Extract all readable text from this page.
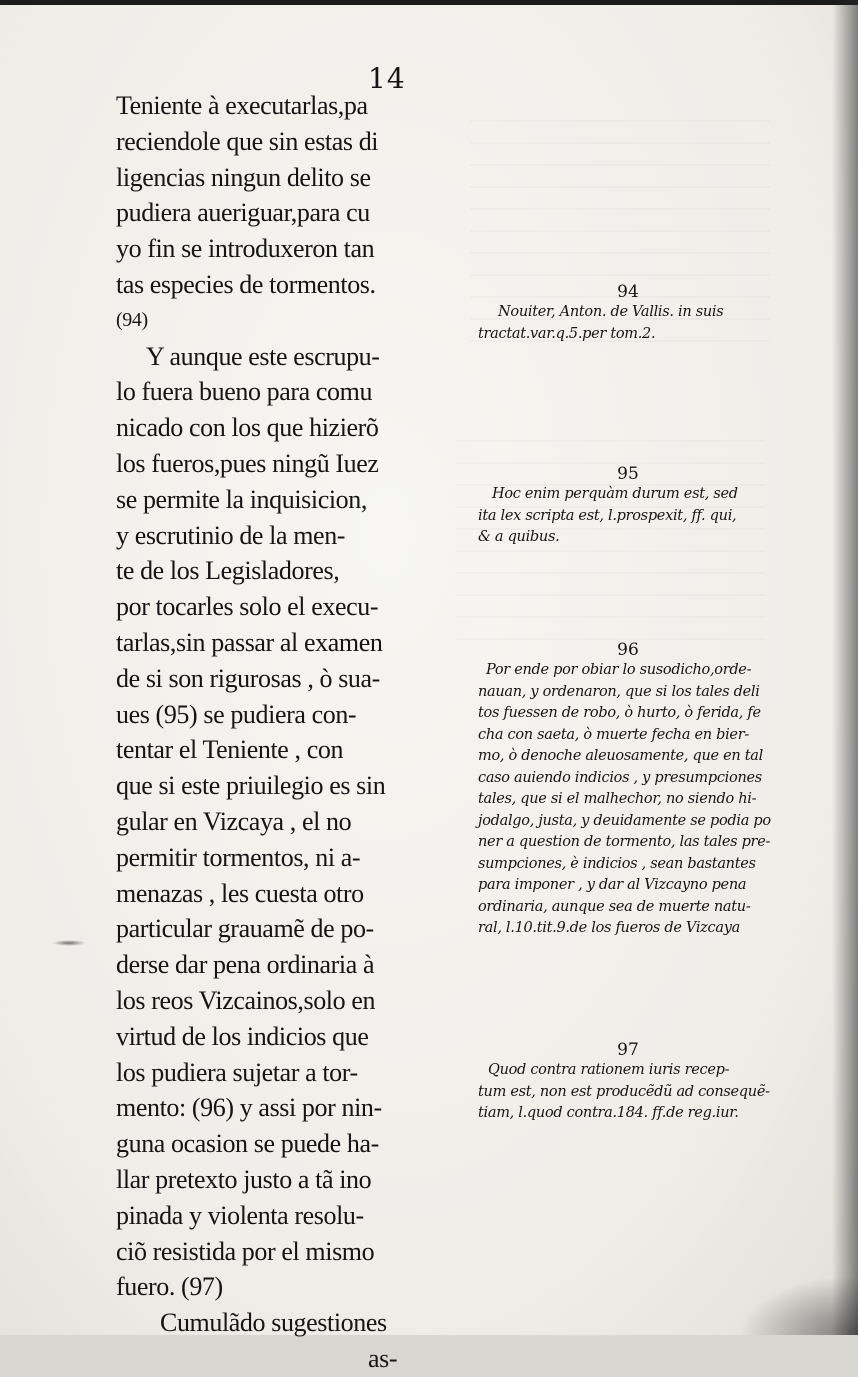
14
Teniente à executarlas,pa
reciendole que sin estas di
ligencias ningun delito se
pudiera aueriguar,para cu
yo fin se introduxeron tan
tas especies de tormentos.
(94)
Y aunque este escrupu-
lo fuera bueno para comu
nicado con los que hizierõ
los fueros,pues ningũ Iuez
se permite la inquisicion,
y escrutinio de la men-
te de los Legisladores,
por tocarles solo el execu-
tarlas,sin passar al examen
de si son rigurosas , ò sua-
ues (95) se pudiera con-
tentar el Teniente , con
que si este priuilegio es sin
gular en Vizcaya , el no
permitir tormentos, ni a-
menazas , les cuesta otro
particular grauamẽ de po-
derse dar pena ordinaria à
los reos Vizcainos,solo en
virtud de los indicios que
los pudiera sujetar a tor-
mento: (96) y assi por nin-
guna ocasion se puede ha-
llar pretexto justo a tã ino
pinada y violenta resolu-
ciõ resistida por el mismo
fuero. (97)
Cumulãdo sugestiones
as-
94
Nouiter, Anton. de Vallis. in suis
tractat.var.q.5.per tom.2.
95
Hoc enim perquàm durum est, sed
ita lex scripta est, l.prospexit, ff. qui,
& a quibus.
96
Por ende por obiar lo susodicho,orde-
nauan, y ordenaron, que si los tales deli
tos fuessen de robo, ò hurto, ò ferida, fe
cha con saeta, ò muerte fecha en bier-
mo, ò denoche aleuosamente, que en tal
caso auiendo indicios , y presumpciones
tales, que si el malhechor, no siendo hi-
jodalgo, justa, y deuidamente se podia po
ner a question de tormento, las tales pre-
sumpciones, è indicios , sean bastantes
para imponer , y dar al Vizcayno pena
ordinaria, aunque sea de muerte natu-
ral, l.10.tit.9.de los fueros de Vizcaya
97
Quod contra rationem iuris recep-
tum est, non est producẽdũ ad consequẽ-
tiam, l.quod contra.184. ff.de reg.iur.
